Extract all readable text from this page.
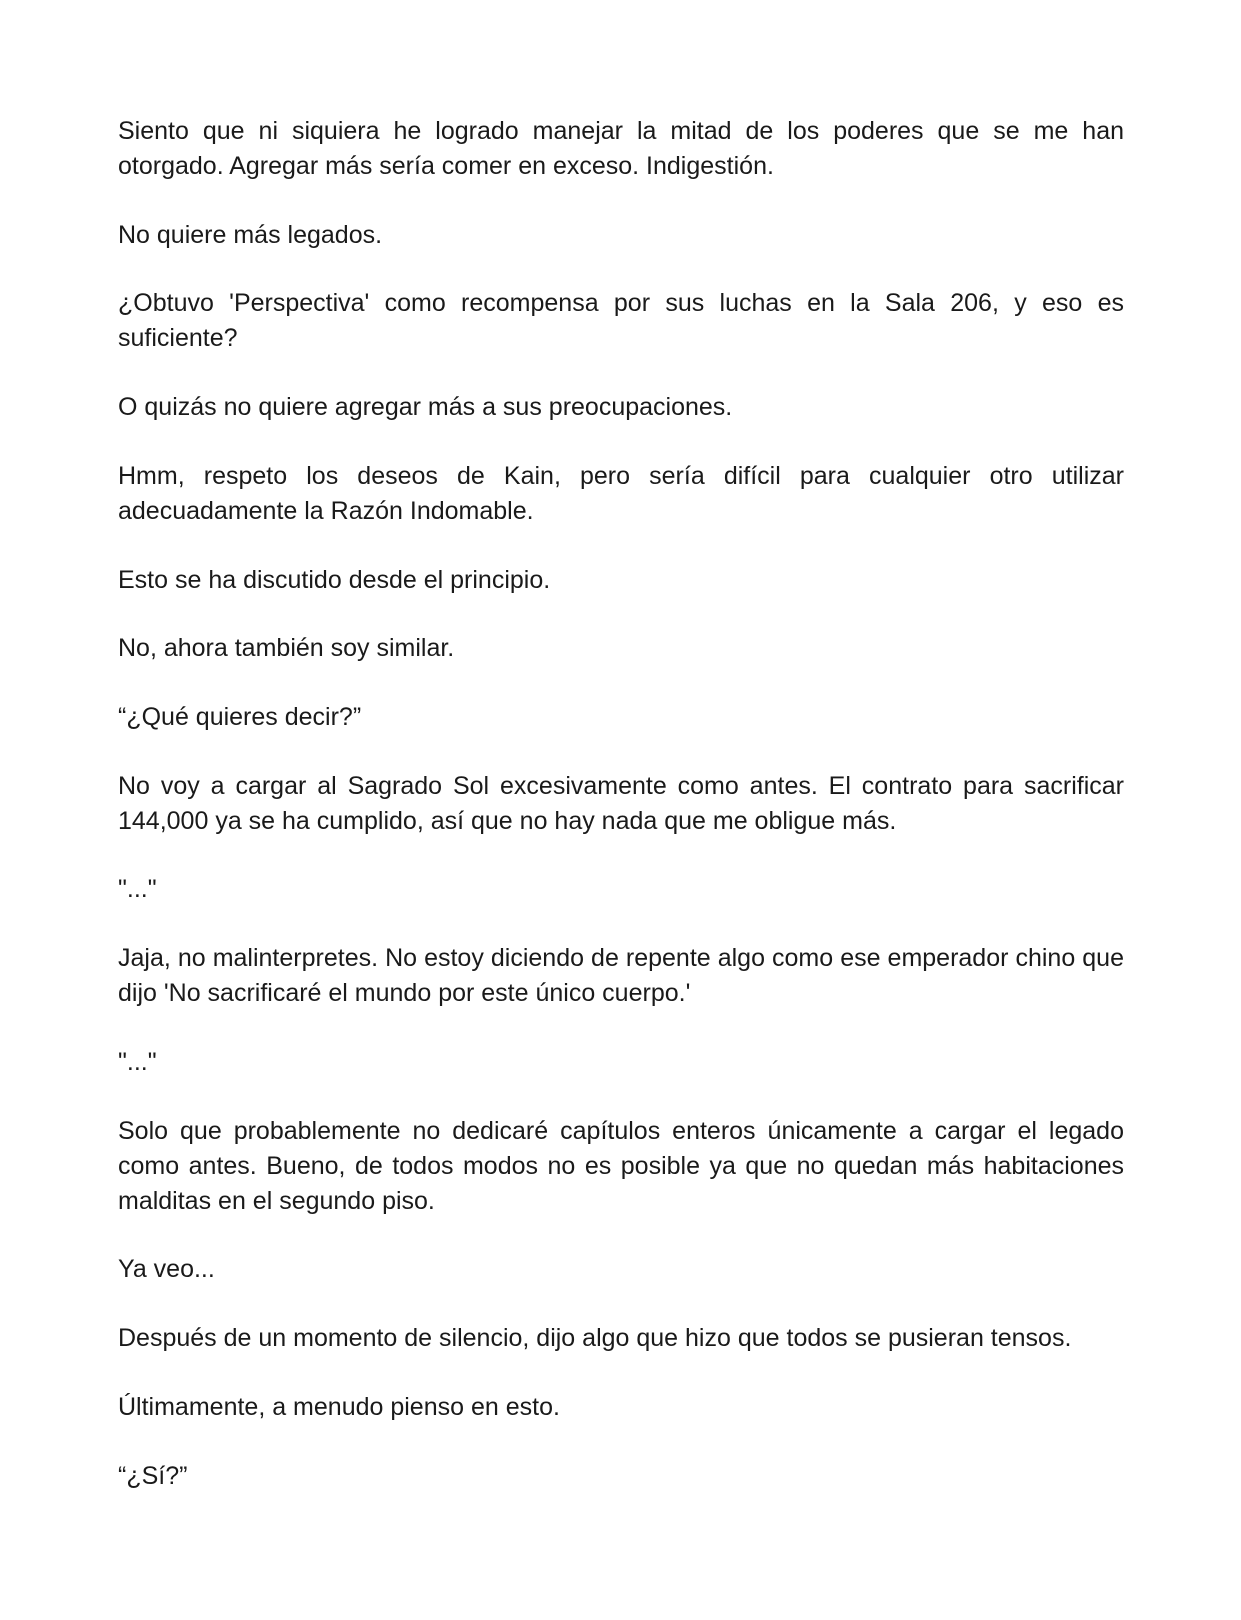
Siento que ni siquiera he logrado manejar la mitad de los poderes que se me han otorgado. Agregar más sería comer en exceso. Indigestión.

No quiere más legados.

¿Obtuvo 'Perspectiva' como recompensa por sus luchas en la Sala 206, y eso es suficiente?

O quizás no quiere agregar más a sus preocupaciones.

Hmm, respeto los deseos de Kain, pero sería difícil para cualquier otro utilizar adecuadamente la Razón Indomable.

Esto se ha discutido desde el principio.

No, ahora también soy similar.

“¿Qué quieres decir?”

No voy a cargar al Sagrado Sol excesivamente como antes. El contrato para sacrificar 144,000 ya se ha cumplido, así que no hay nada que me obligue más.

"..."

Jaja, no malinterpretes. No estoy diciendo de repente algo como ese emperador chino que dijo 'No sacrificaré el mundo por este único cuerpo.'

"..."

Solo que probablemente no dedicaré capítulos enteros únicamente a cargar el legado como antes. Bueno, de todos modos no es posible ya que no quedan más habitaciones malditas en el segundo piso.

Ya veo...

Después de un momento de silencio, dijo algo que hizo que todos se pusieran tensos.

Últimamente, a menudo pienso en esto.

“¿Sí?”
